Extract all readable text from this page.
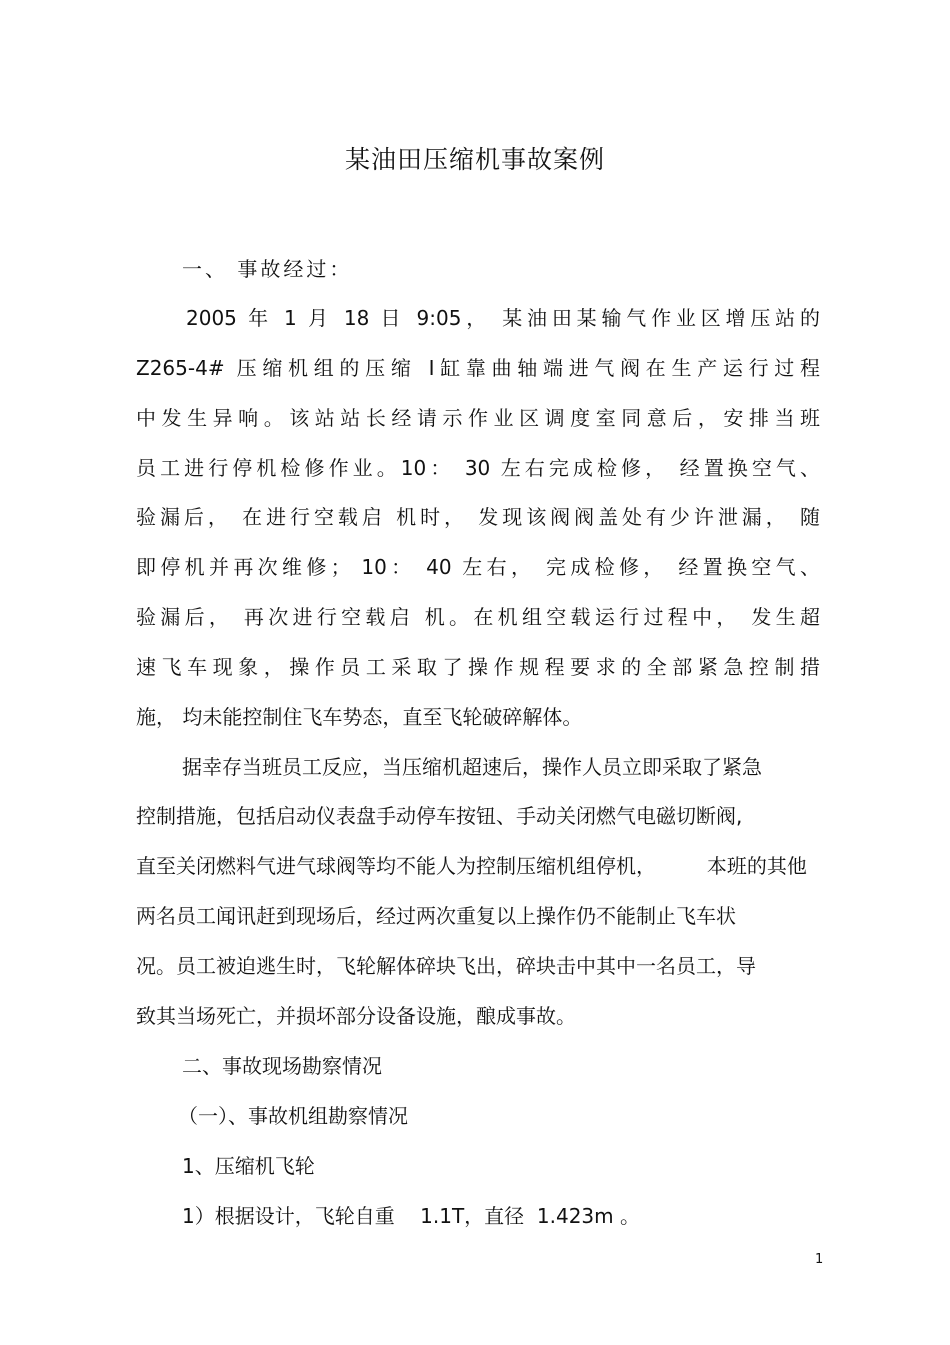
某油田压缩机事故案例
一、 事故经过：
2005 年 1 月 18 日 9:05， 某油田某输气作业区增压站的
Z265-4# 压缩机组的压缩 Ⅰ缸靠曲轴端进气阀在生产运行过程
中发生异响。该站站长经请示作业区调度室同意后，安排当班
员工进行停机检修作业。10： 30 左右完成检修， 经置换空气、
验漏后， 在进行空载启 机时， 发现该阀阀盖处有少许泄漏， 随
即停机并再次维修； 10： 40 左右， 完成检修， 经置换空气、
验漏后， 再次进行空载启 机。在机组空载运行过程中， 发生超
速飞车现象，操作员工采取了操作规程要求的全部紧急控制措
施， 均未能控制住飞车势态，直至飞轮破碎解体。
据幸存当班员工反应，当压缩机超速后，操作人员立即采取了紧急
控制措施，包括启动仪表盘手动停车按钮、手动关闭燃气电磁切断阀,
直至关闭燃料气进气球阀等均不能人为控制压缩机组停机，        本班的其他
两名员工闻讯赶到现场后，经过两次重复以上操作仍不能制止飞车状
况。员工被迫逃生时，飞轮解体碎块飞出，碎块击中其中一名员工，导
致其当场死亡，并损坏部分设备设施，酿成事故。
二、事故现场勘察情况
（一）、事故机组勘察情况
1、压缩机飞轮
1）根据设计，飞轮自重    1.1T，直径  1.423m 。
1
